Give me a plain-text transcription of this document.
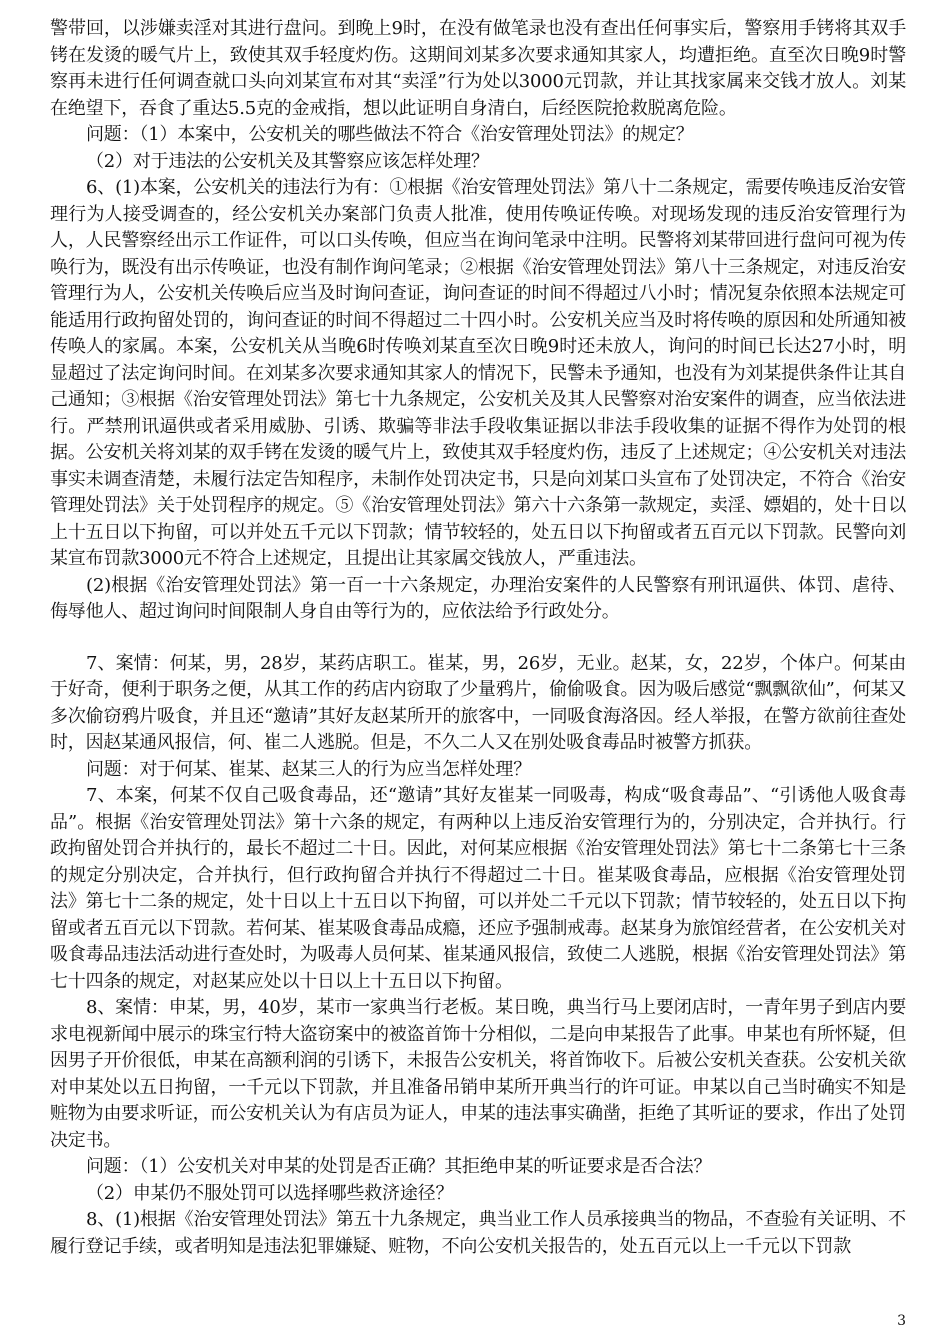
警带回，以涉嫌卖淫对其进行盘问。到晚上9时，在没有做笔录也没有查出任何事实后，警察用手铐将其双手铐在发烫的暖气片上，致使其双手轻度灼伤。这期间刘某多次要求通知其家人，均遭拒绝。直至次日晚9时警察再未进行任何调查就口头向刘某宣布对其“卖淫”行为处以3000元罚款，并让其找家属来交钱才放人。刘某在绝望下，吞食了重达5.5克的金戒指，想以此证明自身清白，后经医院抢救脱离危险。

问题：（1）本案中，公安机关的哪些做法不符合《治安管理处罚法》的规定？

（2）对于违法的公安机关及其警察应该怎样处理？

6、(1)本案，公安机关的违法行为有：①根据《治安管理处罚法》第八十二条规定，需要传唤违反治安管理行为人接受调查的，经公安机关办案部门负责人批准，使用传唤证传唤。对现场发现的违反治安管理行为人，人民警察经出示工作证件，可以口头传唤，但应当在询问笔录中注明。民警将刘某带回进行盘问可视为传唤行为，既没有出示传唤证，也没有制作询问笔录；②根据《治安管理处罚法》第八十三条规定，对违反治安管理行为人，公安机关传唤后应当及时询问查证，询问查证的时间不得超过八小时；情况复杂依照本法规定可能适用行政拘留处罚的，询问查证的时间不得超过二十四小时。公安机关应当及时将传唤的原因和处所通知被传唤人的家属。本案，公安机关从当晚6时传唤刘某直至次日晚9时还未放人，询问的时间已长达27小时，明显超过了法定询问时间。在刘某多次要求通知其家人的情况下，民警未予通知，也没有为刘某提供条件让其自己通知；③根据《治安管理处罚法》第七十九条规定，公安机关及其人民警察对治安案件的调查，应当依法进行。严禁刑讯逼供或者采用威胁、引诱、欺骗等非法手段收集证据以非法手段收集的证据不得作为处罚的根据。公安机关将刘某的双手铐在发烫的暖气片上，致使其双手轻度灼伤，违反了上述规定；④公安机关对违法事实未调查清楚，未履行法定告知程序，未制作处罚决定书，只是向刘某口头宣布了处罚决定，不符合《治安管理处罚法》关于处罚程序的规定。⑤《治安管理处罚法》第六十六条第一款规定，卖淫、嫖娼的，处十日以上十五日以下拘留，可以并处五千元以下罚款；情节较轻的，处五日以下拘留或者五百元以下罚款。民警向刘某宣布罚款3000元不符合上述规定，且提出让其家属交钱放人，严重违法。

(2)根据《治安管理处罚法》第一百一十六条规定，办理治安案件的人民警察有刑讯逼供、体罚、虐待、侮辱他人、超过询问时间限制人身自由等行为的，应依法给予行政处分。

7、案情：何某，男，28岁，某药店职工。崔某，男，26岁，无业。赵某，女，22岁，个体户。何某由于好奇，便利于职务之便，从其工作的药店内窃取了少量鸦片，偷偷吸食。因为吸后感觉“飘飘欲仙”，何某又多次偷窃鸦片吸食，并且还“邀请”其好友赵某所开的旅客中，一同吸食海洛因。经人举报，在警方欲前往查处时，因赵某通风报信，何、崔二人逃脱。但是，不久二人又在别处吸食毒品时被警方抓获。

问题：对于何某、崔某、赵某三人的行为应当怎样处理？

7、本案，何某不仅自己吸食毒品，还“邀请”其好友崔某一同吸毒，构成“吸食毒品”、“引诱他人吸食毒品”。根据《治安管理处罚法》第十六条的规定，有两种以上违反治安管理行为的，分别决定，合并执行。行政拘留处罚合并执行的，最长不超过二十日。因此，对何某应根据《治安管理处罚法》第七十二条第七十三条的规定分别决定，合并执行，但行政拘留合并执行不得超过二十日。崔某吸食毒品，应根据《治安管理处罚法》第七十二条的规定，处十日以上十五日以下拘留，可以并处二千元以下罚款；情节较轻的，处五日以下拘留或者五百元以下罚款。若何某、崔某吸食毒品成瘾，还应予强制戒毒。赵某身为旅馆经营者，在公安机关对吸食毒品违法活动进行查处时，为吸毒人员何某、崔某通风报信，致使二人逃脱，根据《治安管理处罚法》第七十四条的规定，对赵某应处以十日以上十五日以下拘留。

8、案情：申某，男，40岁，某市一家典当行老板。某日晚，典当行马上要闭店时，一青年男子到店内要求电视新闻中展示的珠宝行特大盗窃案中的被盗首饰十分相似，二是向申某报告了此事。申某也有所怀疑，但因男子开价很低，申某在高额利润的引诱下，未报告公安机关，将首饰收下。后被公安机关查获。公安机关欲对申某处以五日拘留，一千元以下罚款，并且准备吊销申某所开典当行的许可证。申某以自己当时确实不知是赃物为由要求听证，而公安机关认为有店员为证人，申某的违法事实确凿，拒绝了其听证的要求，作出了处罚决定书。

问题：（1）公安机关对申某的处罚是否正确？其拒绝申某的听证要求是否合法？

（2）申某仍不服处罚可以选择哪些救济途径？

8、(1)根据《治安管理处罚法》第五十九条规定，典当业工作人员承接典当的物品，不查验有关证明、不履行登记手续，或者明知是违法犯罪嫌疑、赃物，不向公安机关报告的，处五百元以上一千元以下罚款

3
